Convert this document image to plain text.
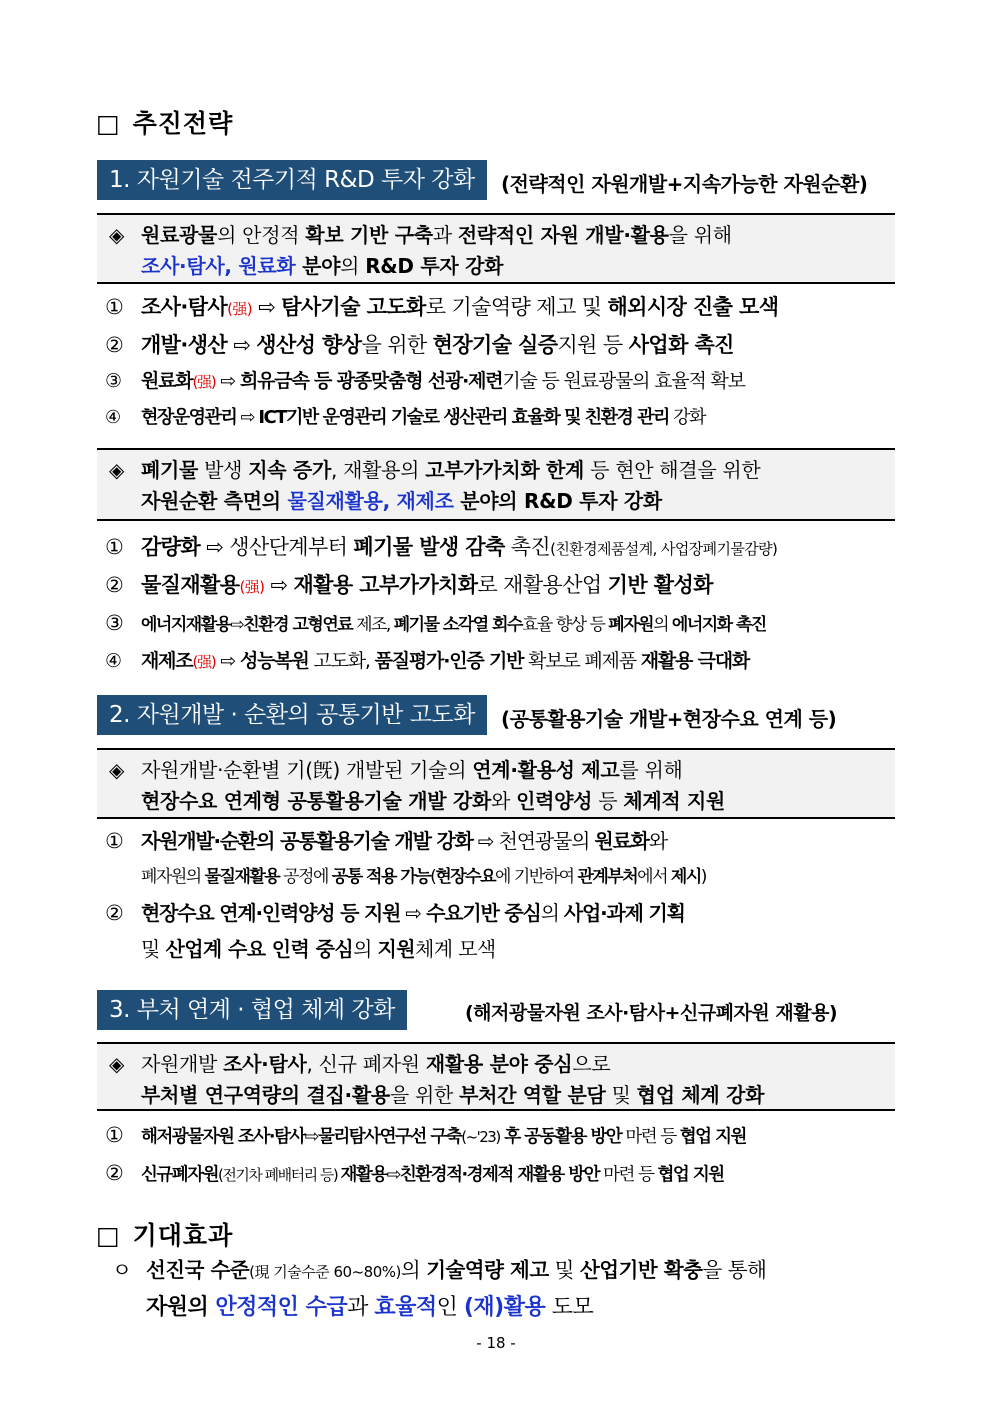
□ 추진전략
1. 자원기술 전주기적 R&D 투자 강화	(전략적인 자원개발+지속가능한 자원순환)
◈ 원료광물의 안정적 확보 기반 구축과 전략적인 자원 개발·활용을 위해
조사·탐사, 원료화 분야의 R&D 투자 강화
① 조사·탐사(强) ⇨ 탐사기술 고도화로 기술역량 제고 및 해외시장 진출 모색
② 개발·생산 ⇨ 생산성 향상을 위한 현장기술 실증지원 등 사업화 촉진
③ 원료화(强) ⇨ 희유금속 등 광종맞춤형 선광·제련기술 등 원료광물의 효율적 확보
④ 현장운영관리 ⇨ ICT기반 운영관리 기술로 생산관리 효율화 및 친환경 관리 강화
◈ 폐기물 발생 지속 증가, 재활용의 고부가가치화 한계 등 현안 해결을 위한
자원순환 측면의 물질재활용, 재제조 분야의 R&D 투자 강화
① 감량화 ⇨ 생산단계부터 폐기물 발생 감축 촉진(친환경제품설계, 사업장폐기물감량)
② 물질재활용(强) ⇨ 재활용 고부가가치화로 재활용산업 기반 활성화
③ 에너지재활용⇨친환경 고형연료 제조, 폐기물 소각열 회수효율 향상 등 폐자원의 에너지화 촉진
④ 재제조(强) ⇨ 성능복원 고도화, 품질평가·인증 기반 확보로 폐제품 재활용 극대화
2. 자원개발 · 순환의 공통기반 고도화	(공통활용기술 개발+현장수요 연계 등)
◈ 자원개발·순환별 기(旣) 개발된 기술의 연계·활용성 제고를 위해
현장수요 연계형 공통활용기술 개발 강화와 인력양성 등 체계적 지원
① 자원개발·순환의 공통활용기술 개발 강화 ⇨ 천연광물의 원료화와
폐자원의 물질재활용 공정에 공통 적용 가능(현장수요에 기반하여 관계부처에서 제시)
② 현장수요 연계·인력양성 등 지원 ⇨ 수요기반 중심의 사업·과제 기획
및 산업계 수요 인력 중심의 지원체계 모색
3. 부처 연계 · 협업 체계 강화	(해저광물자원 조사·탐사+신규폐자원 재활용)
◈ 자원개발 조사·탐사, 신규 폐자원 재활용 분야 중심으로
부처별 연구역량의 결집·활용을 위한 부처간 역할 분담 및 협업 체계 강화
① 해저광물자원 조사·탐사⇨물리탐사연구선 구축(~'23) 후 공동활용 방안 마련 등 협업 지원
② 신규폐자원(전기차 폐배터리 등) 재활용⇨친환경적·경제적 재활용 방안 마련 등 협업 지원
□ 기대효과
ㅇ 선진국 수준(現 기술수준 60~80%)의 기술역량 제고 및 산업기반 확충을 통해
자원의 안정적인 수급과 효율적인 (재)활용 도모
- 18 -
